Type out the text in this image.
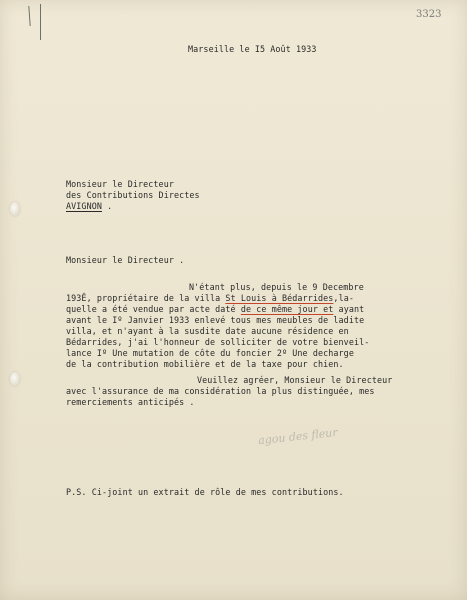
3323
Marseille le I5 Août 1933
Monsieur le Directeur
des Contributions Directes
AVIGNON .
Monsieur le Directeur .
N'étant plus, depuis le 9 Decembre
193Ê, propriétaire de la villa St Louis à Bédarrides,la-
quelle a été vendue par acte daté de ce même jour et ayant
avant le Iº Janvier 1933 enlevé tous mes meubles de ladite
villa, et n'ayant à la susdite date aucune résidence en
Bédarrides, j'ai l'honneur de solliciter de votre bienveil-
lance Iº Une mutation de côte du foncier 2º Une decharge
de la contribution mobilière et de la taxe pour chien.
Veuillez agréer, Monsieur le Directeur
avec l'assurance de ma considération la plus distinguée, mes
remerciements anticipés .
agou des fleur
P.S. Ci-joint un extrait de rôle de mes contributions.
